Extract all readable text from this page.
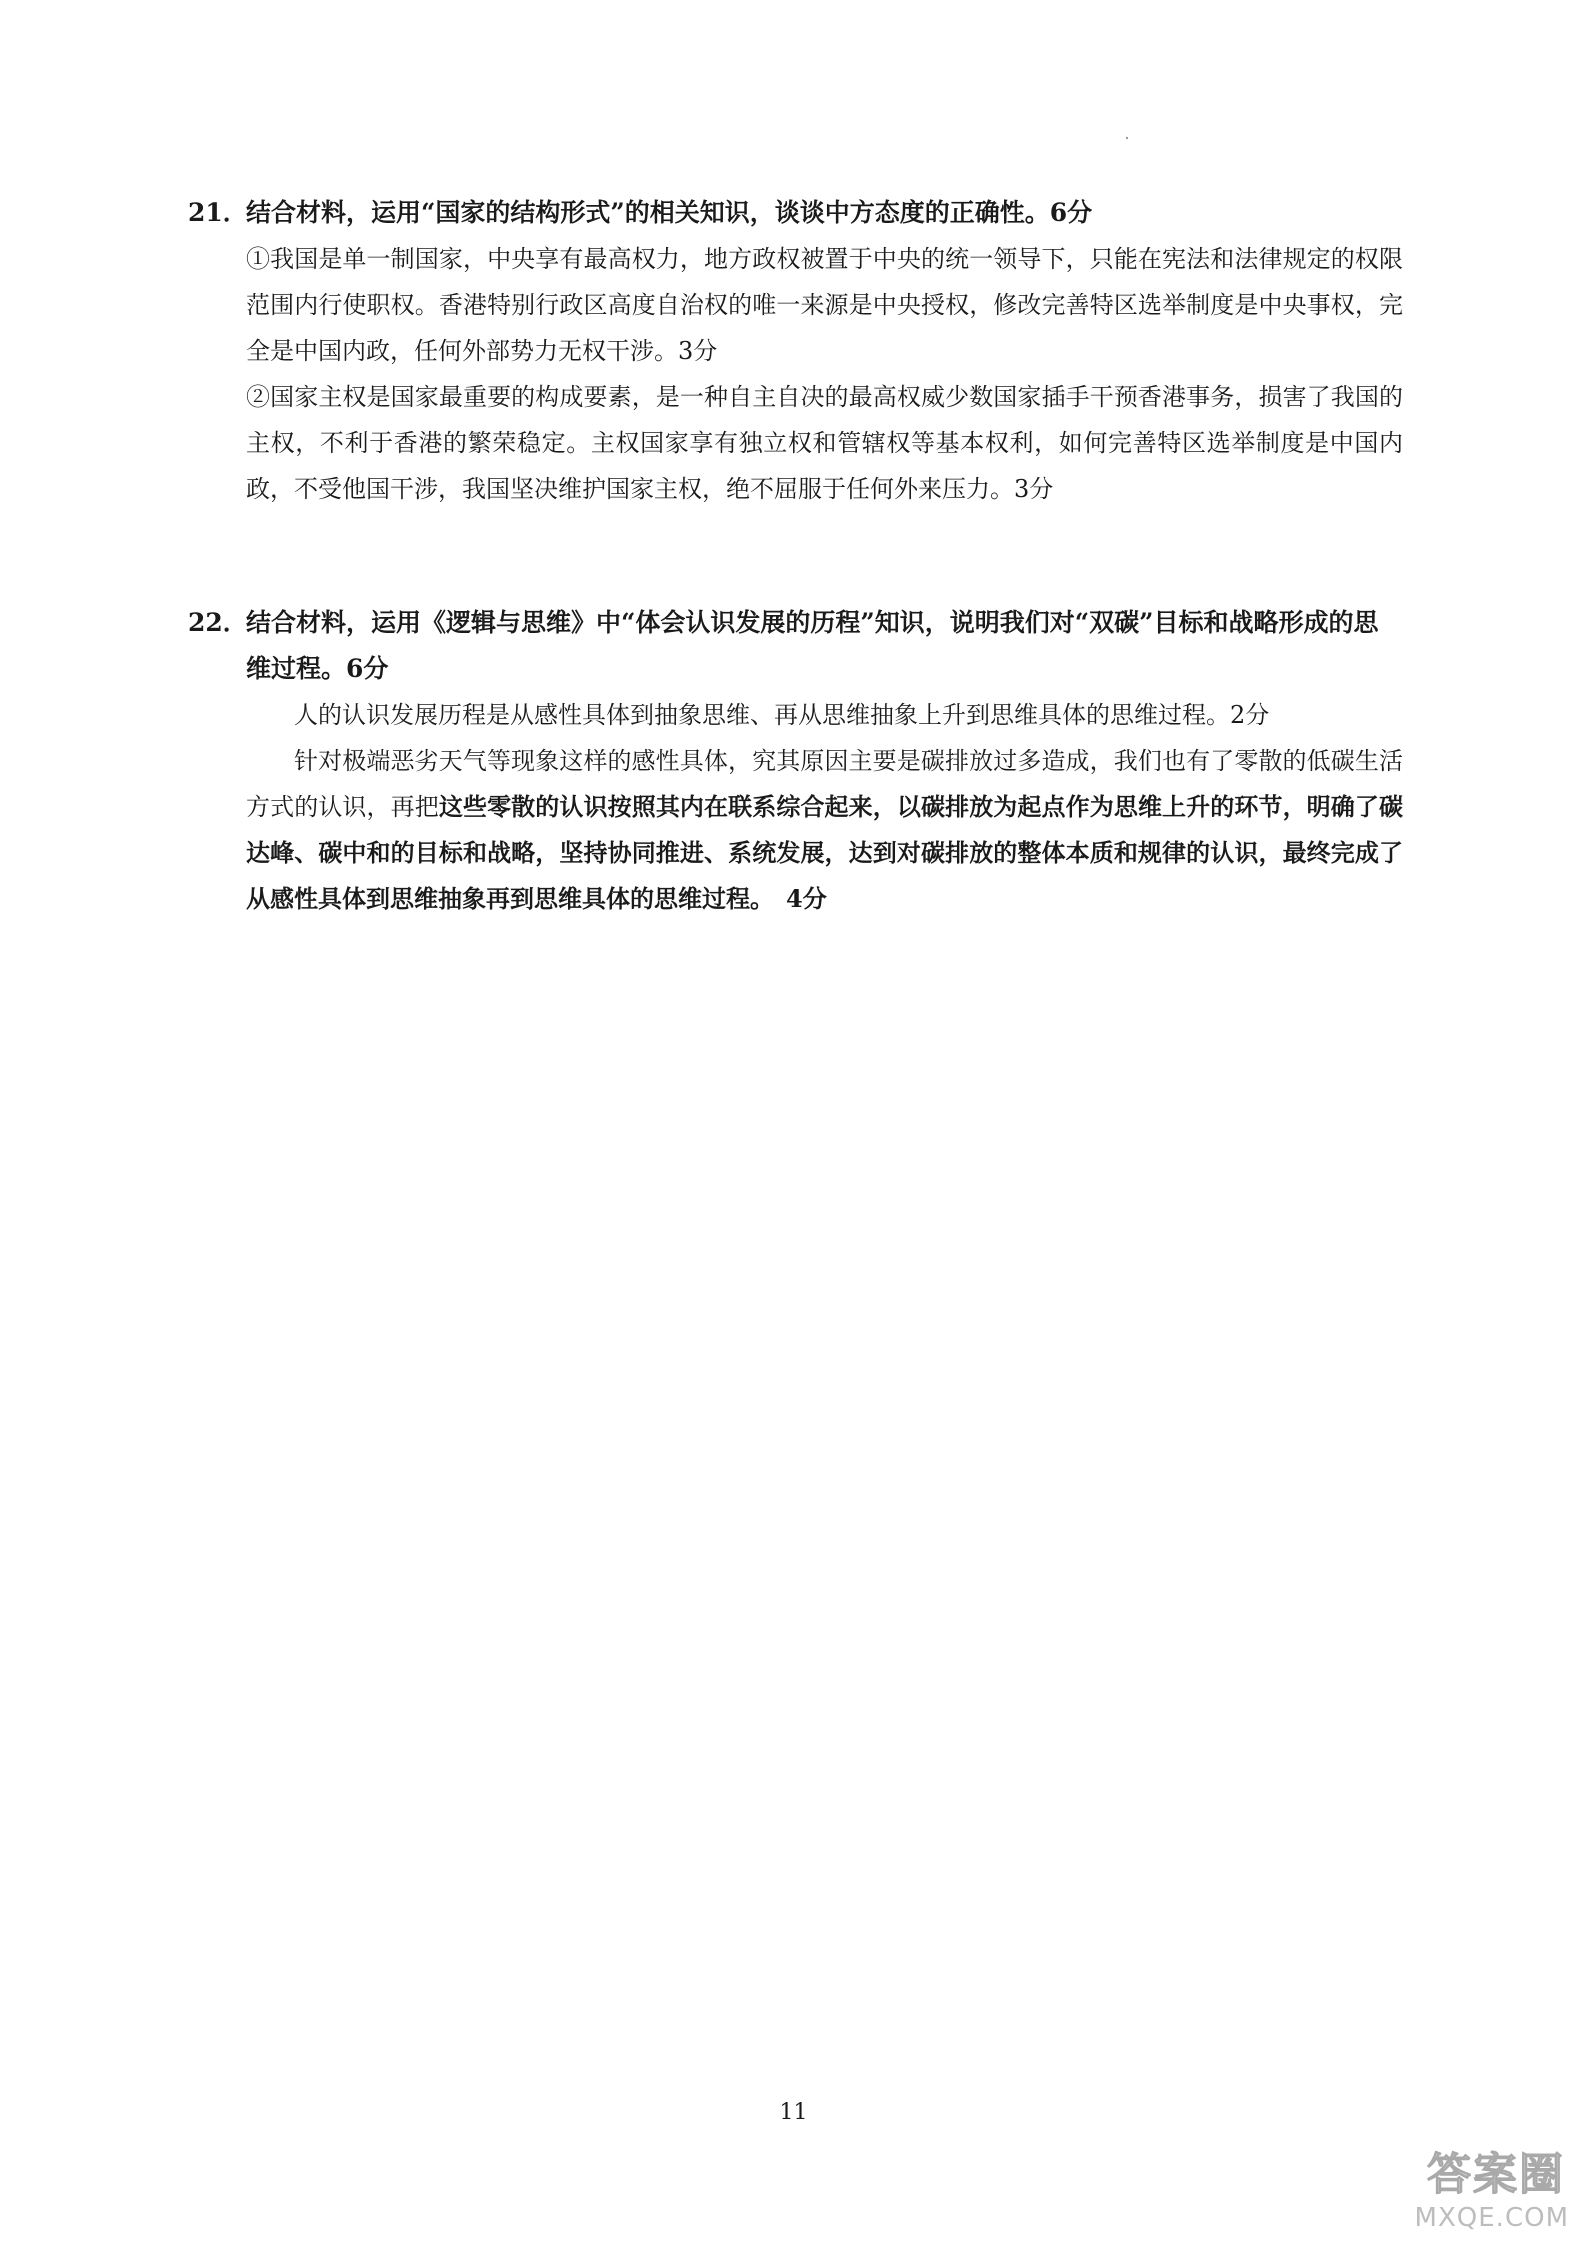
21．
结合材料，运用“国家的结构形式”的相关知识，谈谈中方态度的正确性。6分

①我国是单一制国家，中央享有最高权力，地方政权被置于中央的统一领导下，只能在宪法和法律规定的权限范围内行使职权。香港特别行政区高度自治权的唯一来源是中央授权，修改完善特区选举制度是中央事权，完全是中国内政，任何外部势力无权干涉。3分

②国家主权是国家最重要的构成要素，是一种自主自决的最高权威少数国家插手干预香港事务，损害了我国的主权，不利于香港的繁荣稳定。主权国家享有独立权和管辖权等基本权利，如何完善特区选举制度是中国内政，不受他国干涉，我国坚决维护国家主权，绝不屈服于任何外来压力。3分

22．
结合材料，运用《逻辑与思维》中“体会认识发展的历程”知识，说明我们对“双碳”目标和战略形成的思维过程。6分

人的认识发展历程是从感性具体到抽象思维、再从思维抽象上升到思维具体的思维过程。2分

针对极端恶劣天气等现象这样的感性具体，究其原因主要是碳排放过多造成，我们也有了零散的低碳生活方式的认识，再把这些零散的认识按照其内在联系综合起来，以碳排放为起点作为思维上升的环节，明确了碳达峰、碳中和的目标和战略，坚持协同推进、系统发展，达到对碳排放的整体本质和规律的认识，最终完成了从感性具体到思维抽象再到思维具体的思维过程。　4分

11
答案圈
MXQE.COM
